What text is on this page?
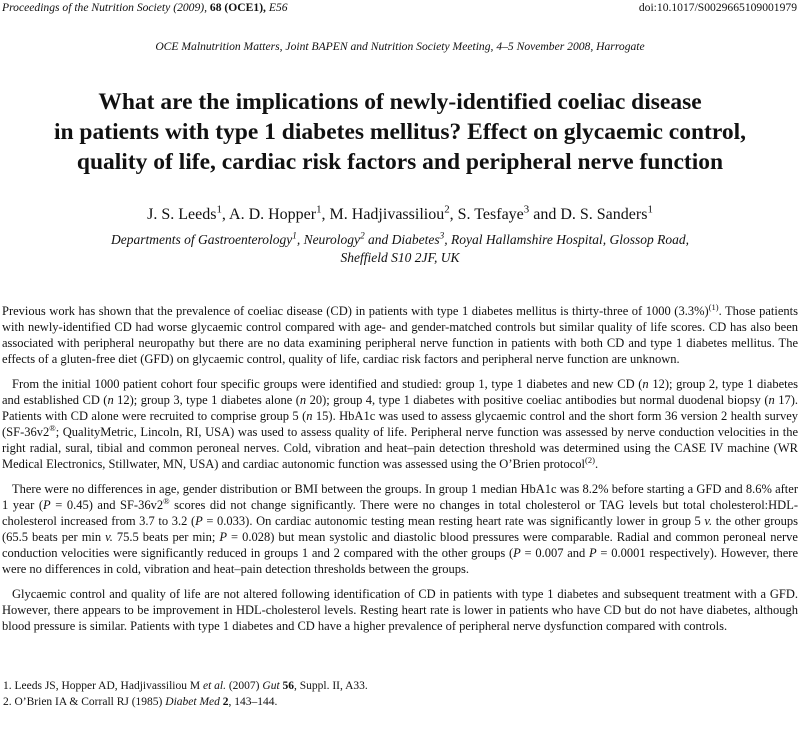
Proceedings of the Nutrition Society (2009), 68 (OCE1), E56	doi:10.1017/S0029665109001979
OCE Malnutrition Matters, Joint BAPEN and Nutrition Society Meeting, 4–5 November 2008, Harrogate
What are the implications of newly-identified coeliac disease
in patients with type 1 diabetes mellitus? Effect on glycaemic control,
quality of life, cardiac risk factors and peripheral nerve function
J. S. Leeds$^1$, A. D. Hopper$^1$, M. Hadjivassiliou$^2$, S. Tesfaye$^3$ and D. S. Sanders$^1$
Departments of Gastroenterology$^1$, Neurology$^2$ and Diabetes$^3$, Royal Hallamshire Hospital, Glossop Road,
Sheffield S10 2JF, UK

Previous work has shown that the prevalence of coeliac disease (CD) in patients with type 1 diabetes mellitus is thirty-three of 1000 $(3.3\%)^{(1)}$. Those patients with newly-identified CD had worse glycaemic control compared with age- and gender-matched controls but similar quality of life scores. CD has also been associated with peripheral neuropathy but there are no data examining peripheral nerve function in patients with both CD and type 1 diabetes mellitus. The effects of a gluten-free diet (GFD) on glycaemic control, quality of life, cardiac risk factors and peripheral nerve function are unknown.

From the initial 1000 patient cohort four specific groups were identified and studied: group 1, type 1 diabetes and new CD (n 12); group 2, type 1 diabetes and established CD (n 12); group 3, type 1 diabetes alone (n 20); group 4, type 1 diabetes with positive coeliac antibodies but normal duodenal biopsy (n 17). Patients with CD alone were recruited to comprise group 5 (n 15). HbA1c was used to assess glycaemic control and the short form 36 version 2 health survey (SF-36v2®; QualityMetric, Lincoln, RI, USA) was used to assess quality of life. Peripheral nerve function was assessed by nerve conduction velocities in the right radial, sural, tibial and common peroneal nerves. Cold, vibration and heat–pain detection threshold was determined using the CASE IV machine (WR Medical Electronics, Stillwater, MN, USA) and cardiac autonomic function was assessed using the O’Brien protocol$^{(2)}$.

There were no differences in age, gender distribution or BMI between the groups. In group 1 median HbA1c was 8.2% before starting a GFD and 8.6% after 1 year (P = 0.45) and SF-36v2® scores did not change significantly. There were no changes in total cholesterol or TAG levels but total cholesterol:HDL-cholesterol increased from 3.7 to 3.2 (P = 0.033). On cardiac autonomic testing mean resting heart rate was significantly lower in group 5 v. the other groups (65.5 beats per min v. 75.5 beats per min; P = 0.028) but mean systolic and diastolic blood pressures were comparable. Radial and common peroneal nerve conduction velocities were significantly reduced in groups 1 and 2 compared with the other groups (P = 0.007 and P = 0.0001 respectively). However, there were no differences in cold, vibration and heat–pain detection thresholds between the groups.

Glycaemic control and quality of life are not altered following identification of CD in patients with type 1 diabetes and subsequent treatment with a GFD. However, there appears to be improvement in HDL-cholesterol levels. Resting heart rate is lower in patients who have CD but do not have diabetes, although blood pressure is similar. Patients with type 1 diabetes and CD have a higher prevalence of peripheral nerve dysfunction compared with controls.

1. Leeds JS, Hopper AD, Hadjivassiliou M et al. (2007) Gut 56, Suppl. II, A33.
2. O’Brien IA & Corrall RJ (1985) Diabet Med 2, 143–144.
